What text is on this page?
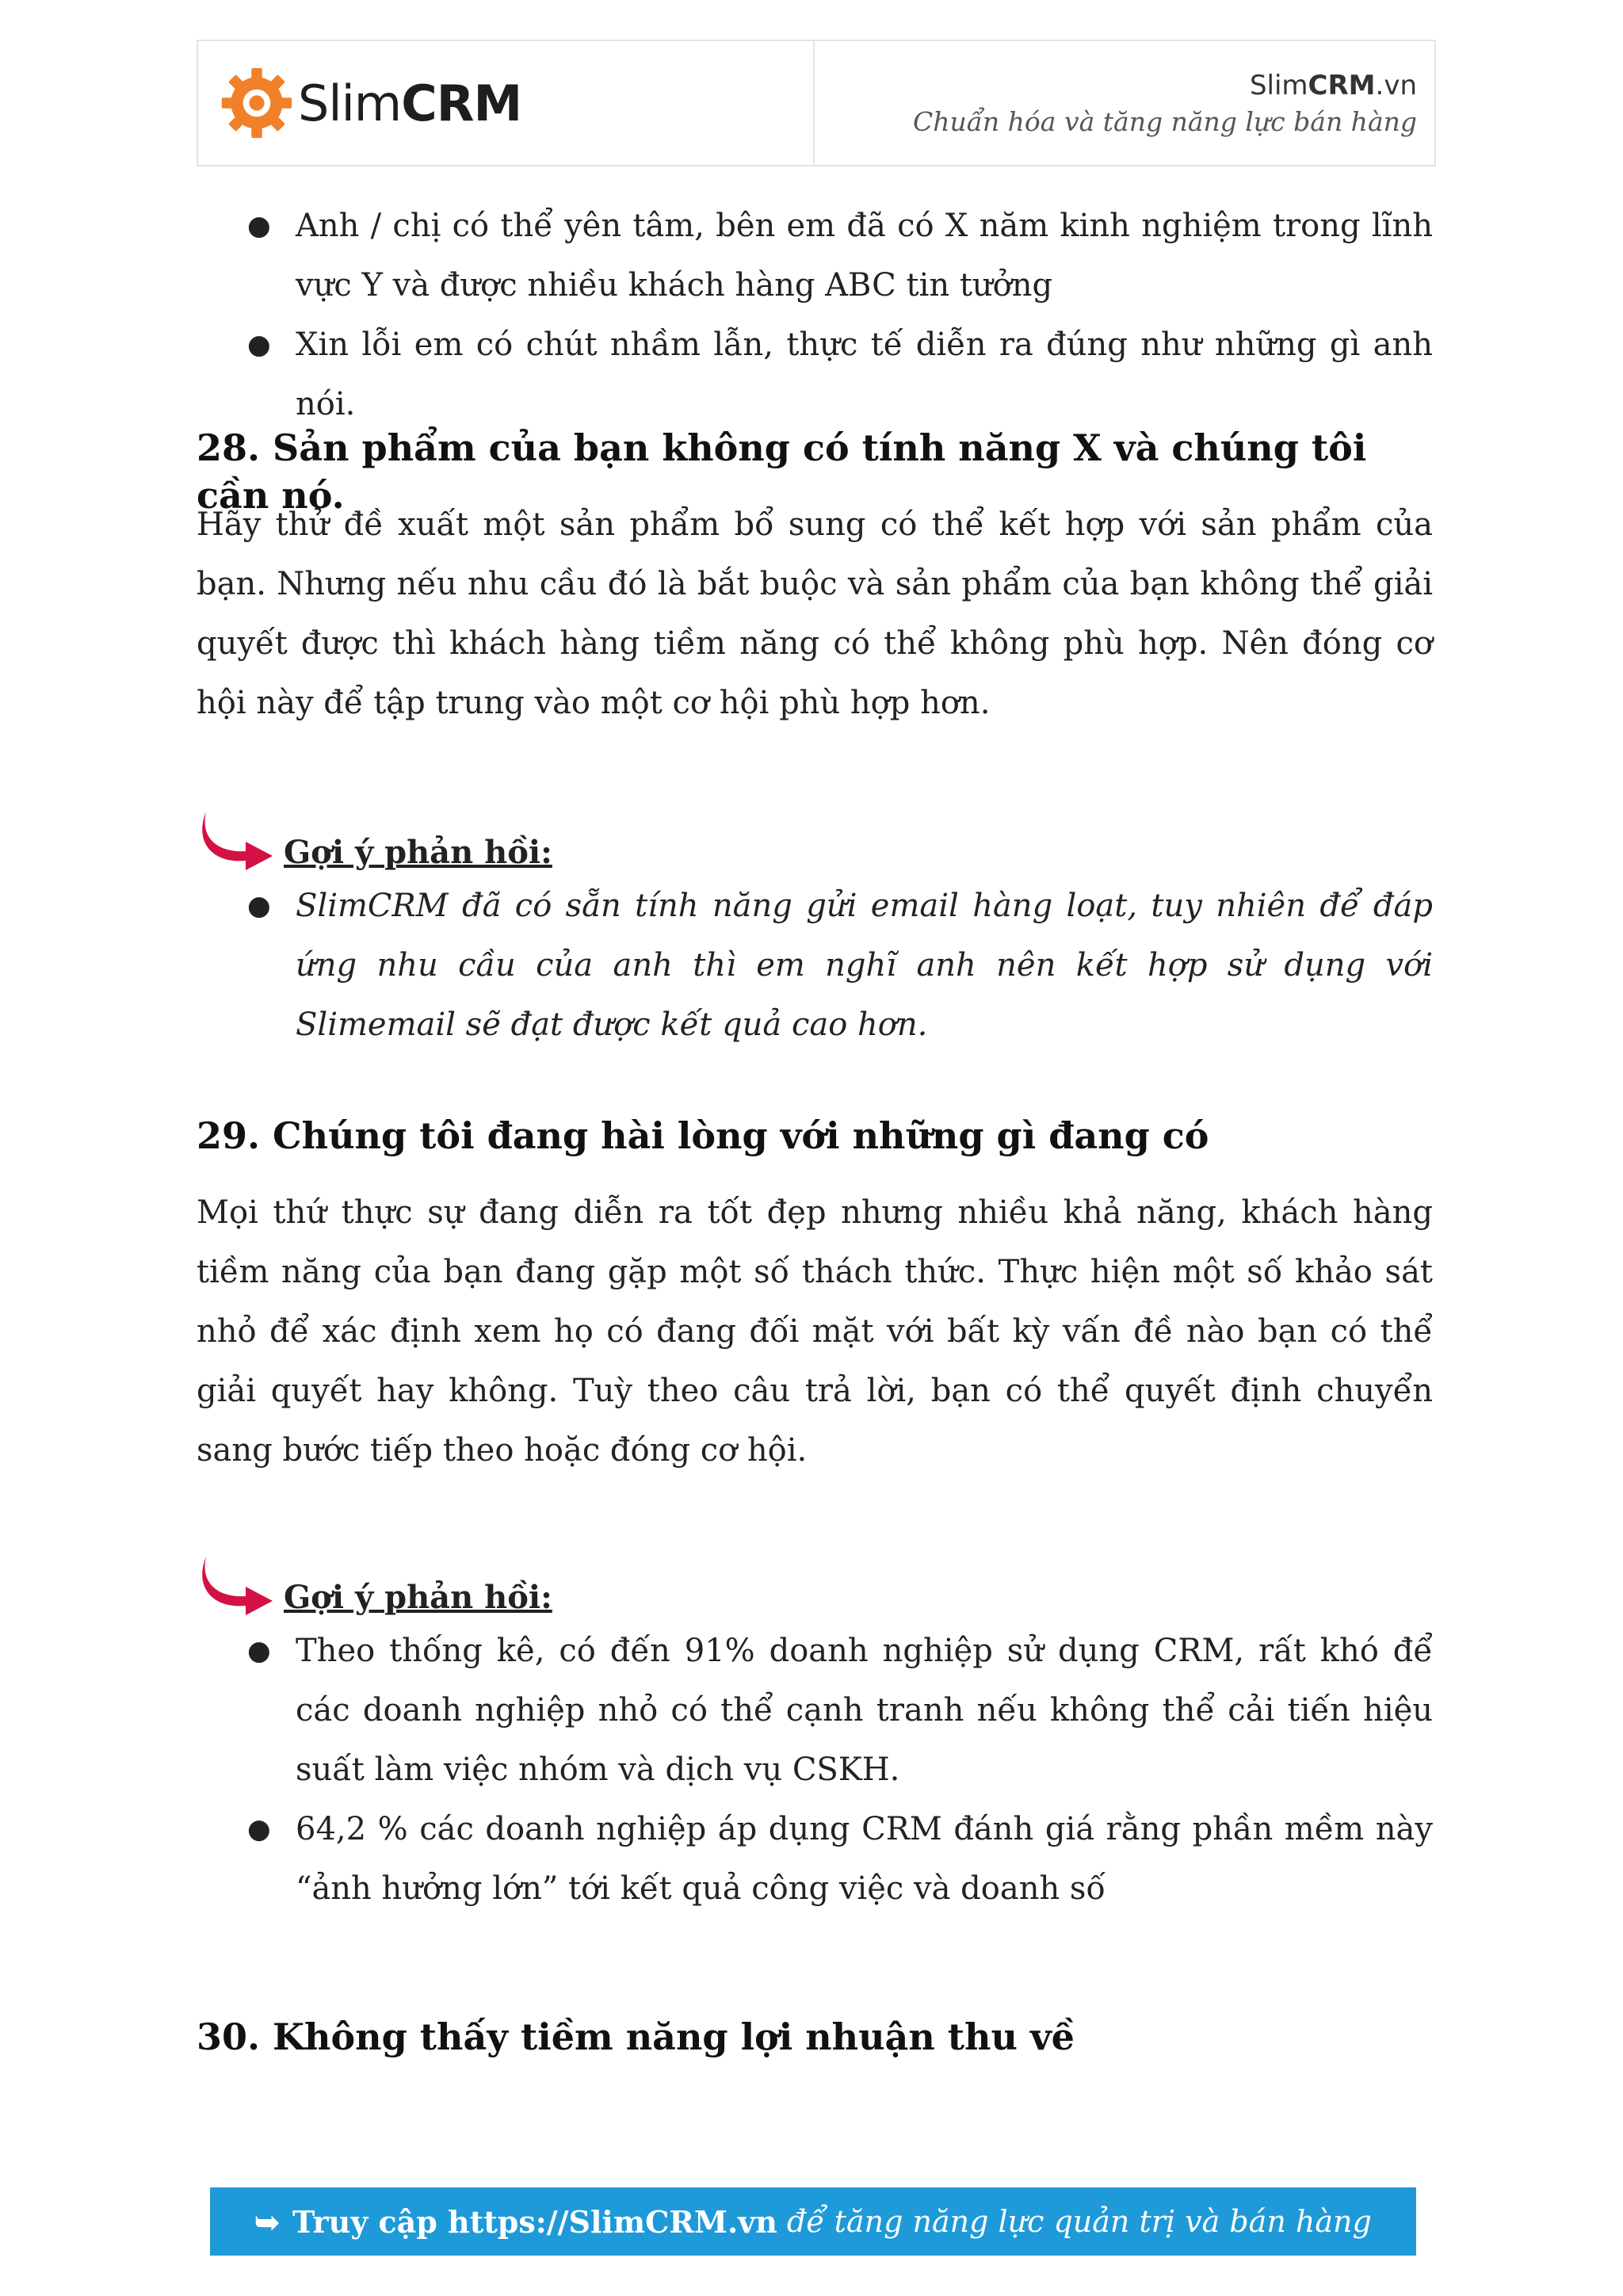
SlimCRM	SlimCRM.vn
Chuẩn hóa và tăng năng lực bán hàng
● Anh / chị có thể yên tâm, bên em đã có X năm kinh nghiệm trong lĩnh vực Y và được nhiều khách hàng ABC tin tưởng
● Xin lỗi em có chút nhầm lẫn, thực tế diễn ra đúng như những gì anh nói.
28. Sản phẩm của bạn không có tính năng X và chúng tôi cần nó.

Hãy thử đề xuất một sản phẩm bổ sung có thể kết hợp với sản phẩm của bạn. Nhưng nếu nhu cầu đó là bắt buộc và sản phẩm của bạn không thể giải quyết được thì khách hàng tiềm năng có thể không phù hợp. Nên đóng cơ hội này để tập trung vào một cơ hội phù hợp hơn.

Gợi ý phản hồi:
● SlimCRM đã có sẵn tính năng gửi email hàng loạt, tuy nhiên để đáp ứng nhu cầu của anh thì em nghĩ anh nên kết hợp sử dụng với Slimemail sẽ đạt được kết quả cao hơn.
29. Chúng tôi đang hài lòng với những gì đang có

Mọi thứ thực sự đang diễn ra tốt đẹp nhưng nhiều khả năng, khách hàng tiềm năng của bạn đang gặp một số thách thức. Thực hiện một số khảo sát nhỏ để xác định xem họ có đang đối mặt với bất kỳ vấn đề nào bạn có thể giải quyết hay không. Tuỳ theo câu trả lời, bạn có thể quyết định chuyển sang bước tiếp theo hoặc đóng cơ hội.

Gợi ý phản hồi:
● Theo thống kê, có đến 91% doanh nghiệp sử dụng CRM, rất khó để các doanh nghiệp nhỏ có thể cạnh tranh nếu không thể cải tiến hiệu suất làm việc nhóm và dịch vụ CSKH.
● 64,2 % các doanh nghiệp áp dụng CRM đánh giá rằng phần mềm này “ảnh hưởng lớn” tới kết quả công việc và doanh số
30. Không thấy tiềm năng lợi nhuận thu về
➥ Truy cập https://SlimCRM.vn để tăng năng lực quản trị và bán hàng
